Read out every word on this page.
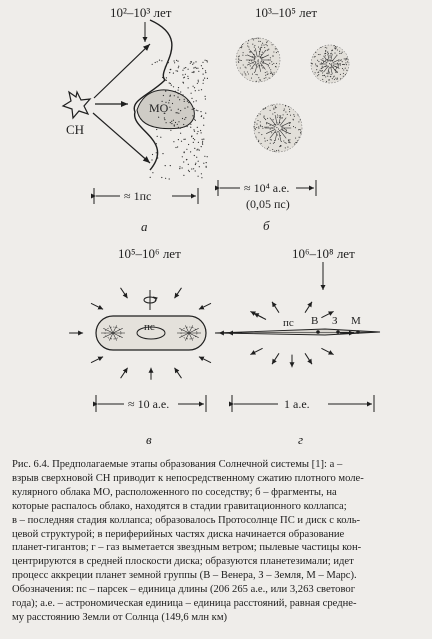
10²–10³ лет
СН
МО
≈ 1пс
а
10³–10⁵ лет
≈ 10⁴ а.е.
(0,05 пс)
б
10⁵–10⁶ лет
пс
≈ 10 а.е.
в
10⁶–10⁸ лет
пс В З М
1 а.е.
г
Рис. 6.4. Предполагаемые этапы образования Солнечной системы [1]: а –
взрыв сверхновой СН приводит к непосредственному сжатию плотного моле-
кулярного облака МО, расположенного по соседству; б – фрагменты, на
которые распалось облако, находятся в стадии гравитационного коллапса;
в – последняя стадия коллапса; образовалось Протосолнце ПС и диск с коль-
цевой структурой; в периферийных частях диска начинается образование
планет-гигантов; г – газ выметается звездным ветром; пылевые частицы кон-
центрируются в средней плоскости диска; образуются планетезимали; идет
процесс аккреции планет земной группы (В – Венера, З – Земля, М – Марс).
Обозначения: пс – парсек – единица длины (206 265 а.е., или 3,263 световог
года); а.е. – астрономическая единица – единица расстояний, равная средне-
му расстоянию Земли от Солнца (149,6 млн км)
